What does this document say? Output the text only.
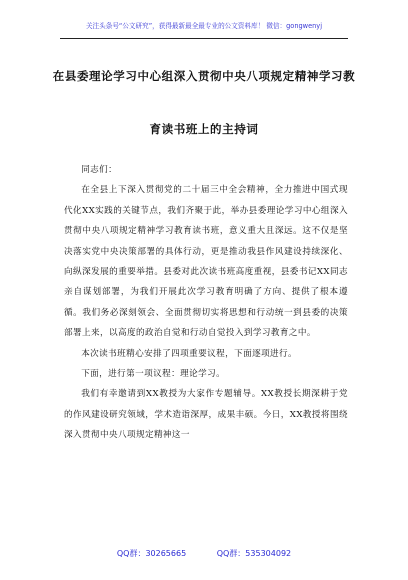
关注头条号“公文研究”，获得最新最全最专业的公文资料库！ 微信：gongwenyj
在县委理论学习中心组深入贯彻中央八项规定精神学习教
育读书班上的主持词

同志们：

在全县上下深入贯彻党的二十届三中全会精神，全力推进中国式现代化XX实践的关键节点，我们齐聚于此，举办县委理论学习中心组深入贯彻中央八项规定精神学习教育读书班，意义重大且深远。这不仅是坚决落实党中央决策部署的具体行动，更是推动我县作风建设持续深化、向纵深发展的重要举措。县委对此次读书班高度重视，县委书记XX同志亲自谋划部署，为我们开展此次学习教育明确了方向、提供了根本遵循。我们务必深刻领会、全面贯彻切实将思想和行动统一到县委的决策部署上来，以高度的政治自觉和行动自觉投入到学习教育之中。

本次读书班精心安排了四项重要议程，下面逐项进行。

下面，进行第一项议程：理论学习。

我们有幸邀请到XX教授为大家作专题辅导。XX教授长期深耕于党的作风建设研究领域，学术造诣深厚，成果丰硕。今日，XX教授将围绕深入贯彻中央八项规定精神这一

QQ群：30265665	QQ群：535304092
